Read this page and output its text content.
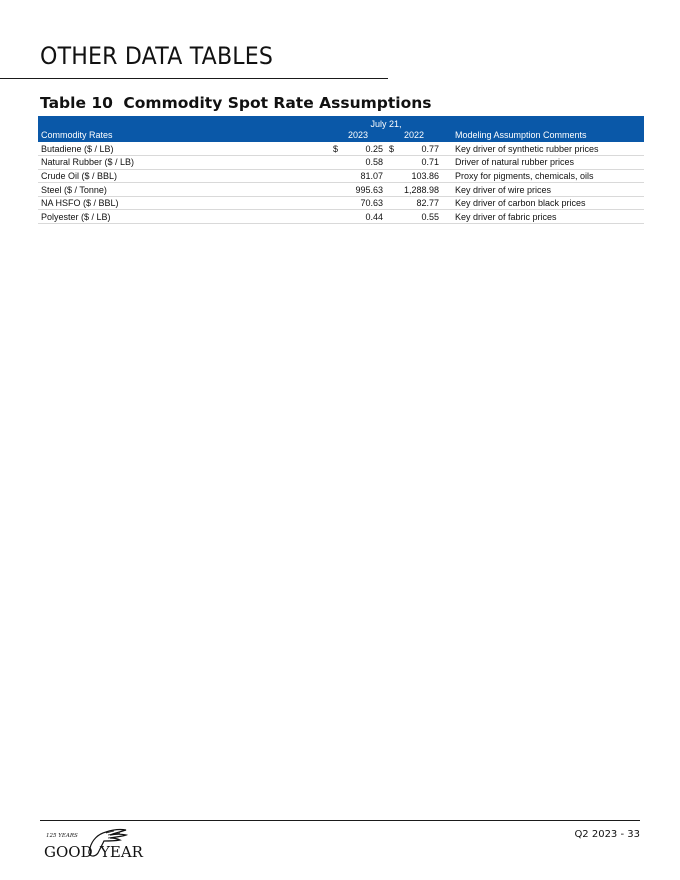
OTHER DATA TABLES
Table 10 Commodity Spot Rate Assumptions
	July 21,					
Commodity Rates	2023		2022			Modeling Assumption Comments
Butadiene ($ / LB)	$	0.25	$	0.77		Key driver of synthetic rubber prices
Natural Rubber ($ / LB)		0.58		0.71		Driver of natural rubber prices
Crude Oil ($ / BBL)		81.07		103.86		Proxy for pigments, chemicals, oils
Steel ($ / Tonne)		995.63		1,288.98		Key driver of wire prices
NA HSFO ($ / BBL)		70.63		82.77		Key driver of carbon black prices
Polyester ($ / LB)		0.44		0.55		Key driver of fabric prices
125 YEARS
GOOD YEAR
Q2 2023 - 33
